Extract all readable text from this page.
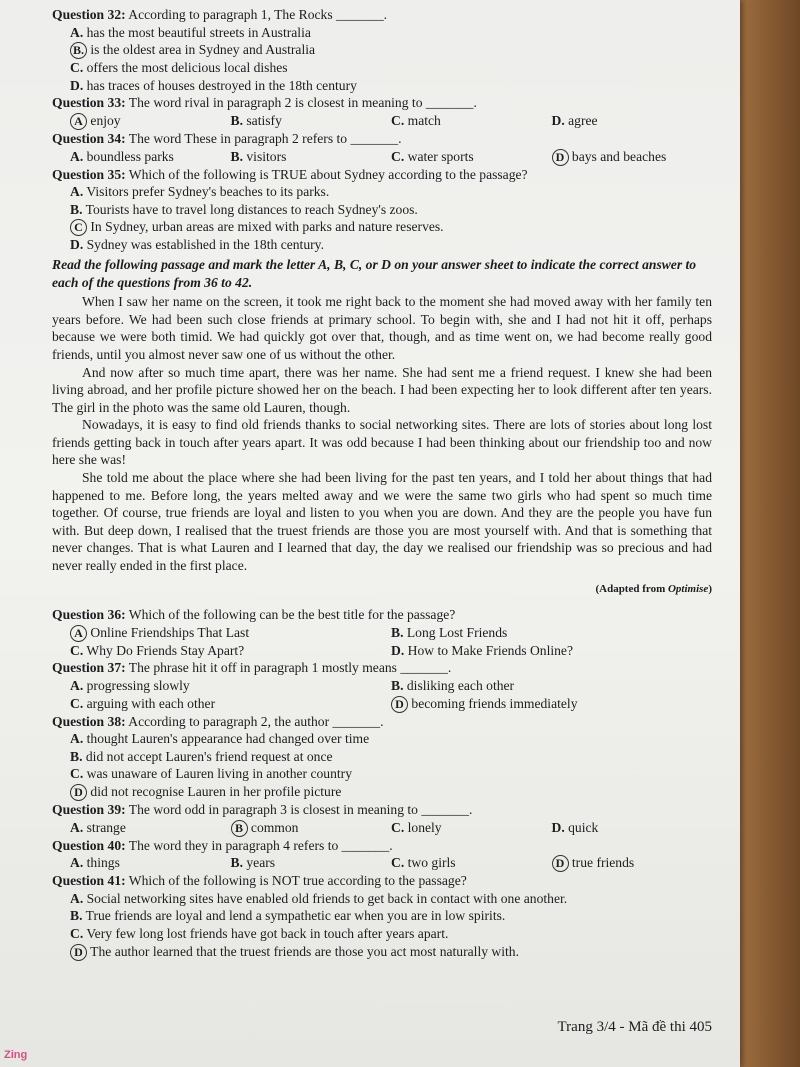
Question 32: According to paragraph 1, The Rocks _______.
A. has the most beautiful streets in Australia
B. is the oldest area in Sydney and Australia
C. offers the most delicious local dishes
D. has traces of houses destroyed in the 18th century
Question 33: The word rival in paragraph 2 is closest in meaning to _______.
A enjoy	B. satisfy	C. match	D. agree
Question 34: The word These in paragraph 2 refers to _______.
A. boundless parks	B. visitors	C. water sports	D bays and beaches
Question 35: Which of the following is TRUE about Sydney according to the passage?
A. Visitors prefer Sydney's beaches to its parks.
B. Tourists have to travel long distances to reach Sydney's zoos.
C In Sydney, urban areas are mixed with parks and nature reserves.
D. Sydney was established in the 18th century.
Read the following passage and mark the letter A, B, C, or D on your answer sheet to indicate the correct answer to each of the questions from 36 to 42.

When I saw her name on the screen, it took me right back to the moment she had moved away with her family ten years before. We had been such close friends at primary school. To begin with, she and I had not hit it off, perhaps because we were both timid. We had quickly got over that, though, and as time went on, we had become really good friends, until you almost never saw one of us without the other.

And now after so much time apart, there was her name. She had sent me a friend request. I knew she had been living abroad, and her profile picture showed her on the beach. I had been expecting her to look different after ten years. The girl in the photo was the same old Lauren, though.

Nowadays, it is easy to find old friends thanks to social networking sites. There are lots of stories about long lost friends getting back in touch after years apart. It was odd because I had been thinking about our friendship too and now here she was!

She told me about the place where she had been living for the past ten years, and I told her about things that had happened to me. Before long, the years melted away and we were the same two girls who had spent so much time together. Of course, true friends are loyal and listen to you when you are down. And they are the people you have fun with. But deep down, I realised that the truest friends are those you are most yourself with. And that is something that never changes. That is what Lauren and I learned that day, the day we realised our friendship was so precious and had never really ended in the first place.

(Adapted from Optimise)
Question 36: Which of the following can be the best title for the passage?
A Online Friendships That Last	B. Long Lost Friends
C. Why Do Friends Stay Apart?	D. How to Make Friends Online?
Question 37: The phrase hit it off in paragraph 1 mostly means _______.
A. progressing slowly	B. disliking each other
C. arguing with each other	D becoming friends immediately
Question 38: According to paragraph 2, the author _______.
A. thought Lauren's appearance had changed over time
B. did not accept Lauren's friend request at once
C. was unaware of Lauren living in another country
D did not recognise Lauren in her profile picture
Question 39: The word odd in paragraph 3 is closest in meaning to _______.
A. strange	B common	C. lonely	D. quick
Question 40: The word they in paragraph 4 refers to _______.
A. things	B. years	C. two girls	D true friends
Question 41: Which of the following is NOT true according to the passage?
A. Social networking sites have enabled old friends to get back in contact with one another.
B. True friends are loyal and lend a sympathetic ear when you are in low spirits.
C. Very few long lost friends have got back in touch after years apart.
D The author learned that the truest friends are those you act most naturally with.
Trang 3/4 - Mã đề thi 405
Zing
